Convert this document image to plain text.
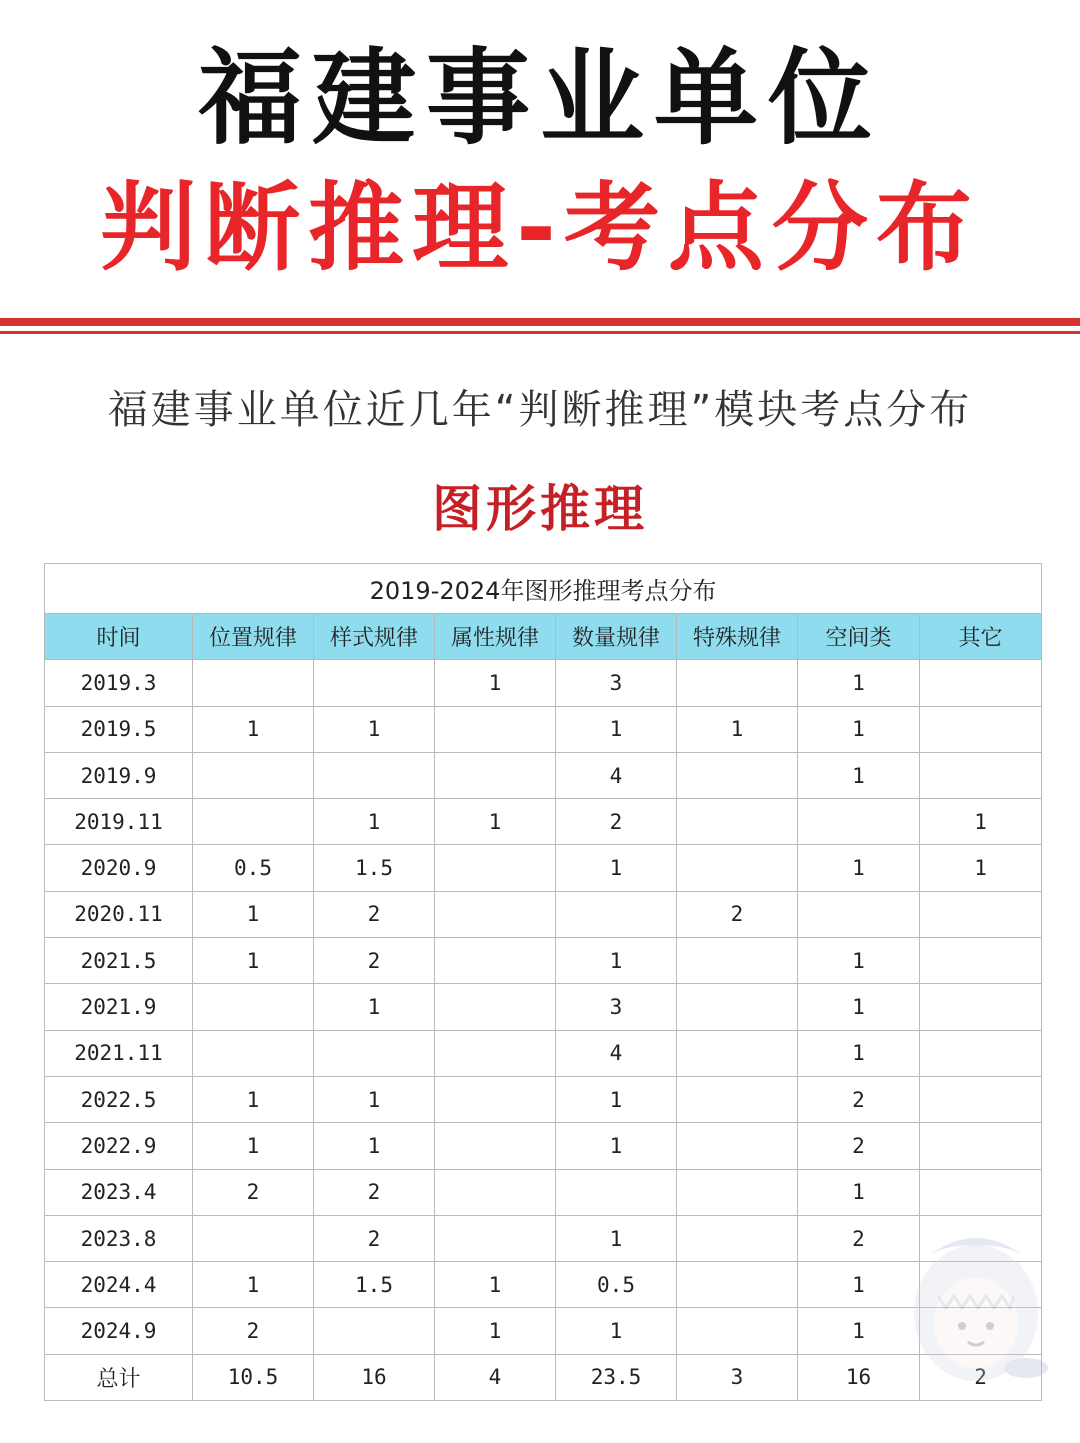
福建事业单位
判断推理-考点分布
福建事业单位近几年“判断推理”模块考点分布
图形推理
2019-2024年图形推理考点分布							
时间	位置规律	样式规律	属性规律	数量规律	特殊规律	空间类	其它
2019.3			1	3		1	
2019.5	1	1		1	1	1	
2019.9				4		1	
2019.11		1	1	2			1
2020.9	0.5	1.5		1		1	1
2020.11	1	2			2		
2021.5	1	2		1		1	
2021.9		1		3		1	
2021.11				4		1	
2022.5	1	1		1		2	
2022.9	1	1		1		2	
2023.4	2	2				1	
2023.8		2		1		2	
2024.4	1	1.5	1	0.5		1	
2024.9	2		1	1		1	
总计	10.5	16	4	23.5	3	16	2
